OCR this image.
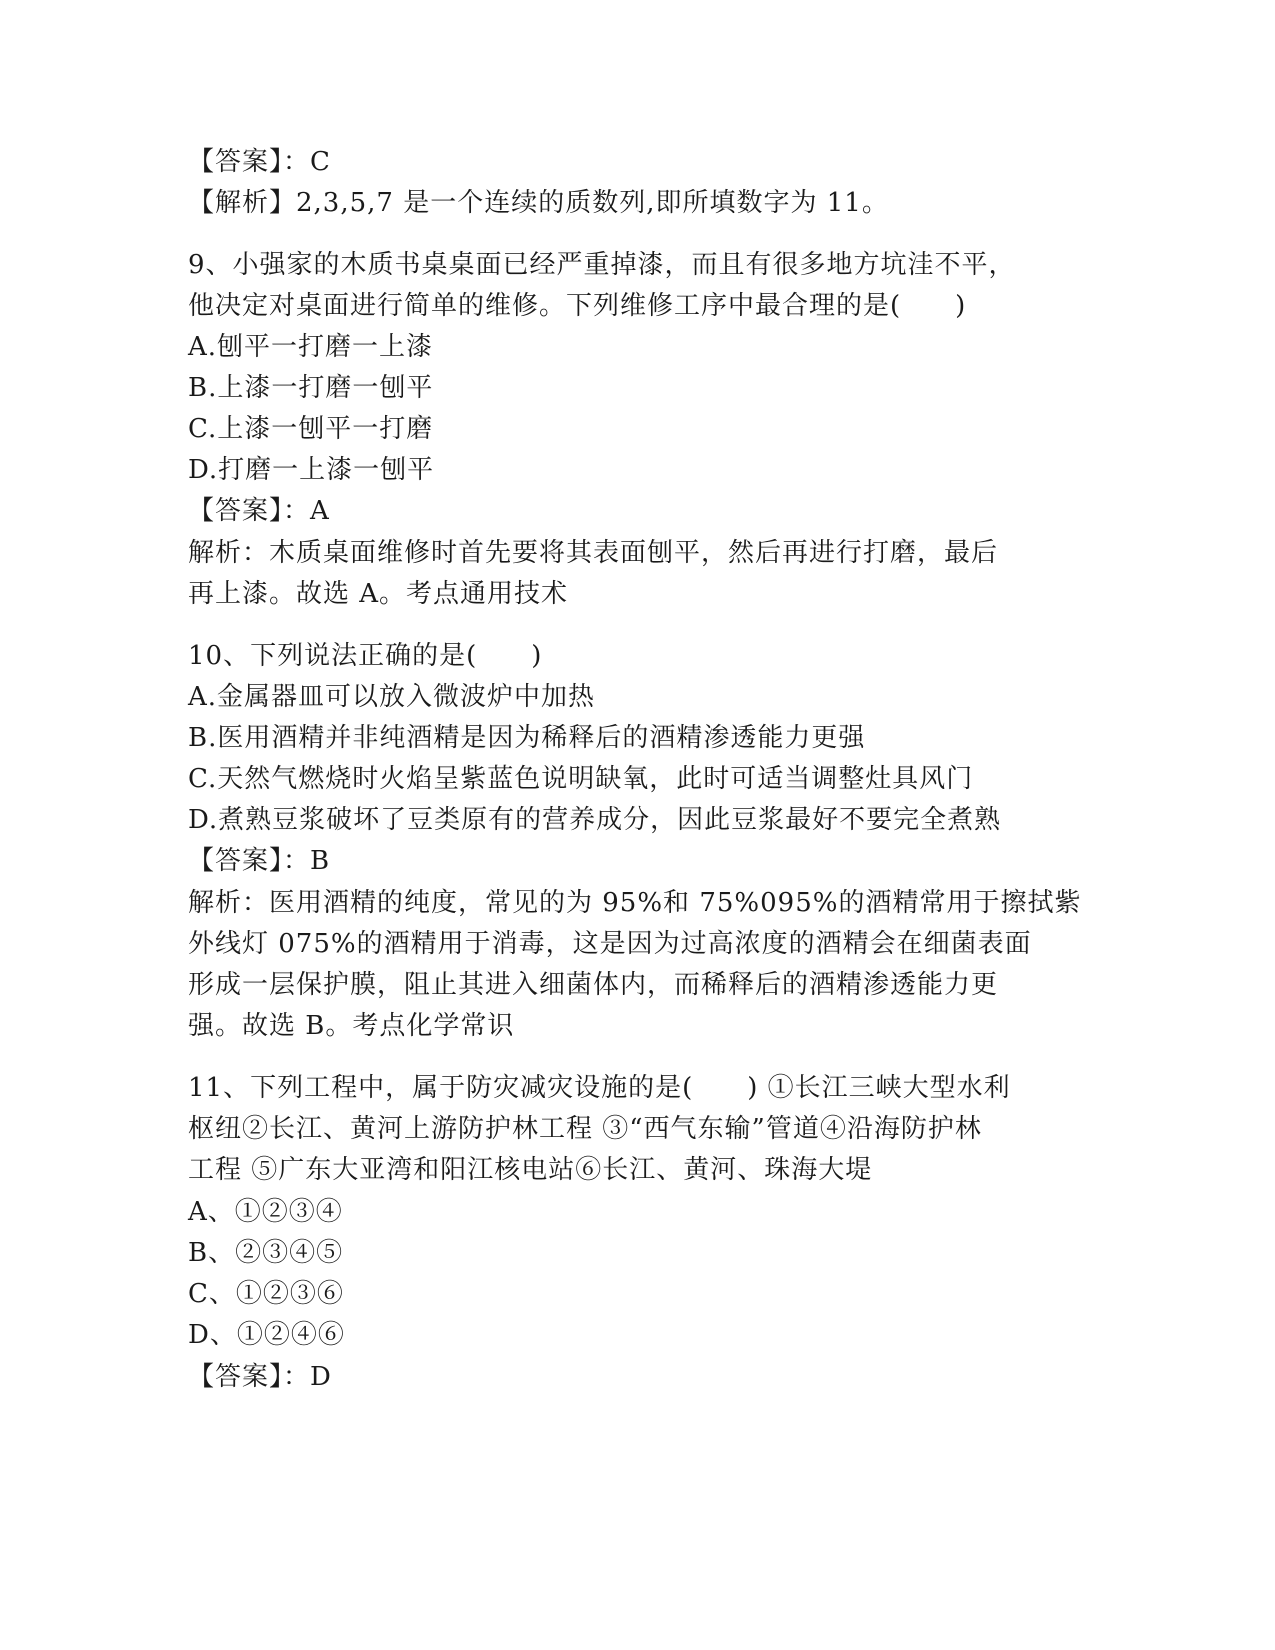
【答案】：C
【解析】2,3,5,7 是一个连续的质数列,即所填数字为 11。
9、小强家的木质书桌桌面已经严重掉漆，而且有很多地方坑洼不平，
他决定对桌面进行简单的维修。下列维修工序中最合理的是(　　)
A.刨平一打磨一上漆
B.上漆一打磨一刨平
C.上漆一刨平一打磨
D.打磨一上漆一刨平
【答案】：A
解析：木质桌面维修时首先要将其表面刨平，然后再进行打磨，最后
再上漆。故选 A。考点通用技术
10、下列说法正确的是(　　)
A.金属器皿可以放入微波炉中加热
B.医用酒精并非纯酒精是因为稀释后的酒精渗透能力更强
C.天然气燃烧时火焰呈紫蓝色说明缺氧，此时可适当调整灶具风门
D.煮熟豆浆破坏了豆类原有的营养成分，因此豆浆最好不要完全煮熟
【答案】：B
解析：医用酒精的纯度，常见的为 95%和 75%095%的酒精常用于擦拭紫
外线灯 075%的酒精用于消毒，这是因为过高浓度的酒精会在细菌表面
形成一层保护膜，阻止其进入细菌体内，而稀释后的酒精渗透能力更
强。故选 B。考点化学常识
11、下列工程中，属于防灾减灾设施的是(　　) ①长江三峡大型水利
枢纽②长江、黄河上游防护林工程 ③“西气东输”管道④沿海防护林
工程 ⑤广东大亚湾和阳江核电站⑥长江、黄河、珠海大堤
A、①②③④
B、②③④⑤
C、①②③⑥
D、①②④⑥
【答案】：D
